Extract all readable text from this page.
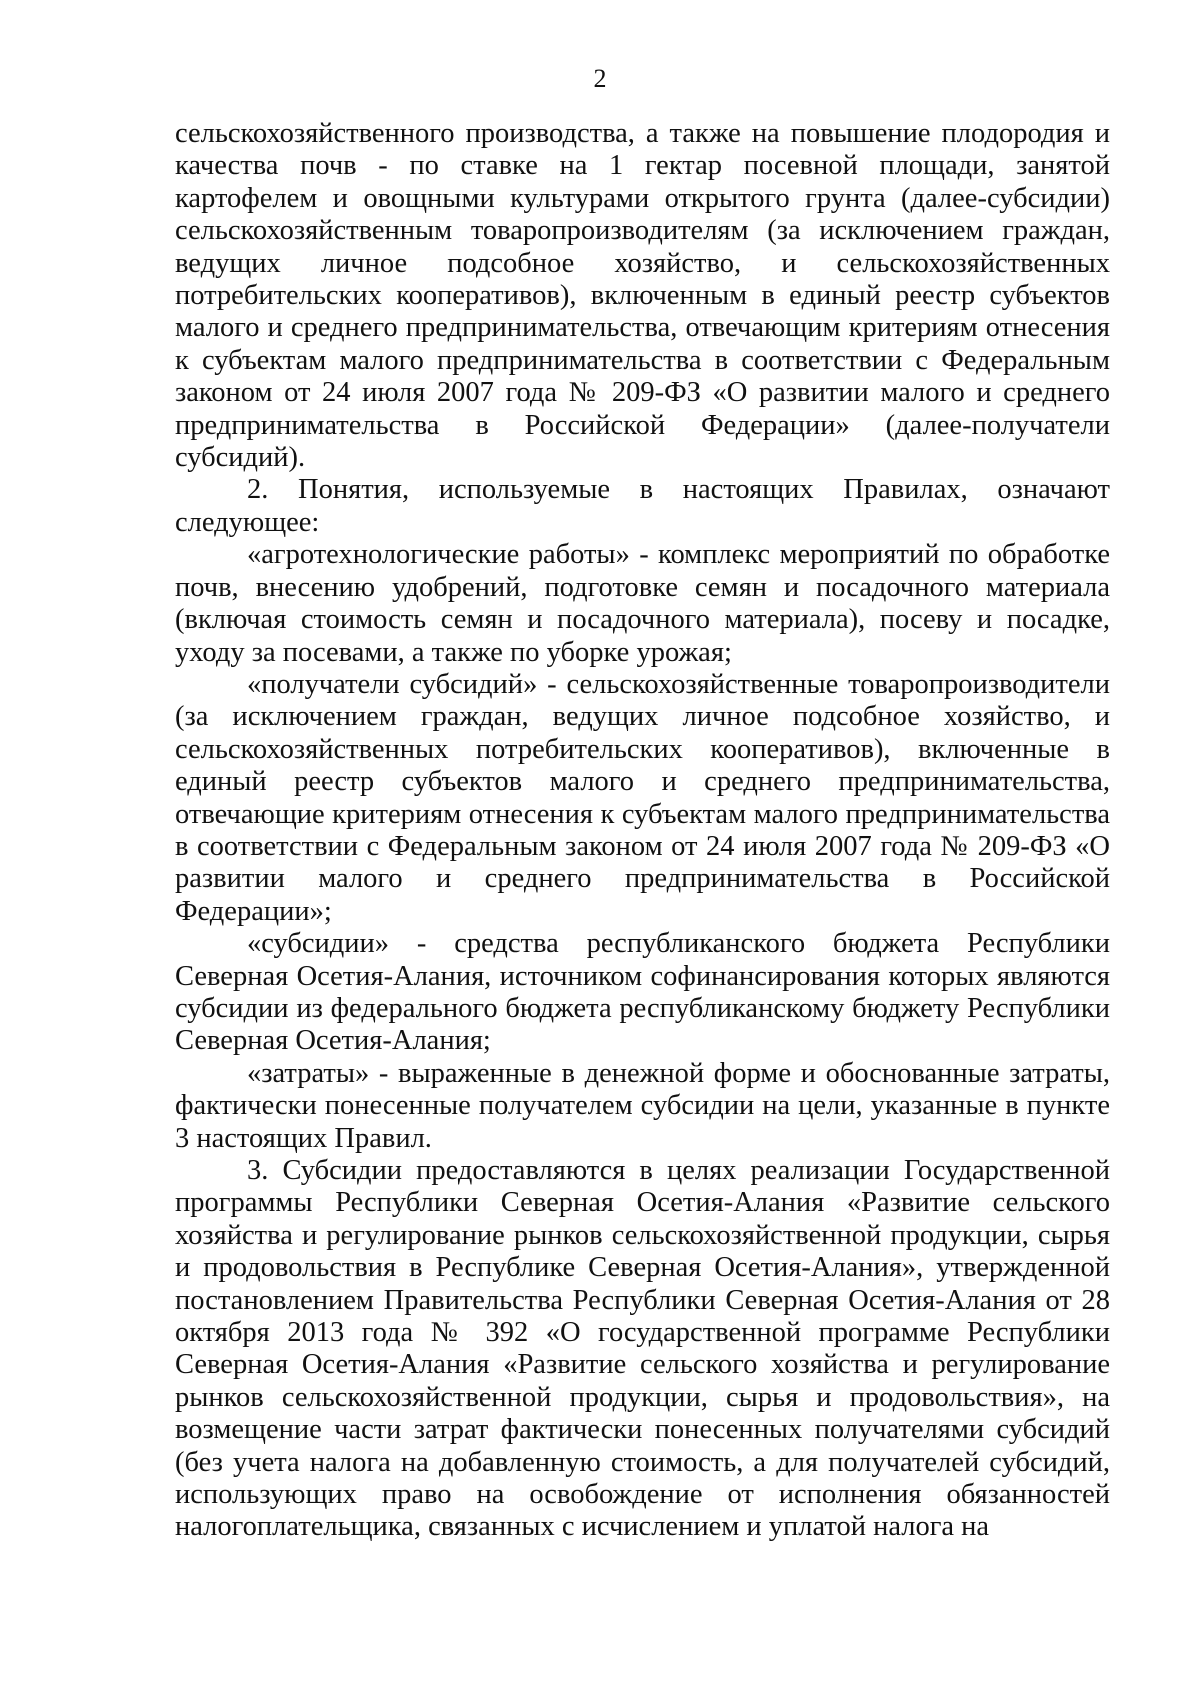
2

сельскохозяйственного производства, а также на повышение плодородия и качества почв - по ставке на 1 гектар посевной площади, занятой картофелем и овощными культурами открытого грунта (далее-субсидии) сельскохозяйственным товаропроизводителям (за исключением граждан, ведущих личное подсобное хозяйство, и сельскохозяйственных потребительских кооперативов), включенным в единый реестр субъектов малого и среднего предпринимательства, отвечающим критериям отнесения к субъектам малого предпринимательства в соответствии с Федеральным законом от 24 июля 2007 года № 209-ФЗ «О развитии малого и среднего предпринимательства в Российской Федерации» (далее-получатели субсидий).

2. Понятия, используемые в настоящих Правилах, означают следующее:

«агротехнологические работы» - комплекс мероприятий по обработке почв, внесению удобрений, подготовке семян и посадочного материала (включая стоимость семян и посадочного материала), посеву и посадке, уходу за посевами, а также по уборке урожая;

«получатели субсидий» - сельскохозяйственные товаропроизводители (за исключением граждан, ведущих личное подсобное хозяйство, и сельскохозяйственных потребительских кооперативов), включенные в единый реестр субъектов малого и среднего предпринимательства, отвечающие критериям отнесения к субъектам малого предпринимательства в соответствии с Федеральным законом от 24 июля 2007 года № 209-ФЗ «О развитии малого и среднего предпринимательства в Российской Федерации»;

«субсидии» - средства республиканского бюджета Республики Северная Осетия-Алания, источником софинансирования которых являются субсидии из федерального бюджета республиканскому бюджету Республики Северная Осетия-Алания;

«затраты» - выраженные в денежной форме и обоснованные затраты, фактически понесенные получателем субсидии на цели, указанные в пункте 3 настоящих Правил.

3. Субсидии предоставляются в целях реализации Государственной программы Республики Северная Осетия-Алания «Развитие сельского хозяйства и регулирование рынков сельскохозяйственной продукции, сырья и продовольствия в Республике Северная Осетия-Алания», утвержденной постановлением Правительства Республики Северная Осетия-Алания от 28 октября 2013 года № 392 «О государственной программе Республики Северная Осетия-Алания «Развитие сельского хозяйства и регулирование рынков сельскохозяйственной продукции, сырья и продовольствия», на возмещение части затрат фактически понесенных получателями субсидий (без учета налога на добавленную стоимость, а для получателей субсидий, использующих право на освобождение от исполнения обязанностей налогоплательщика, связанных с исчислением и уплатой налога на
